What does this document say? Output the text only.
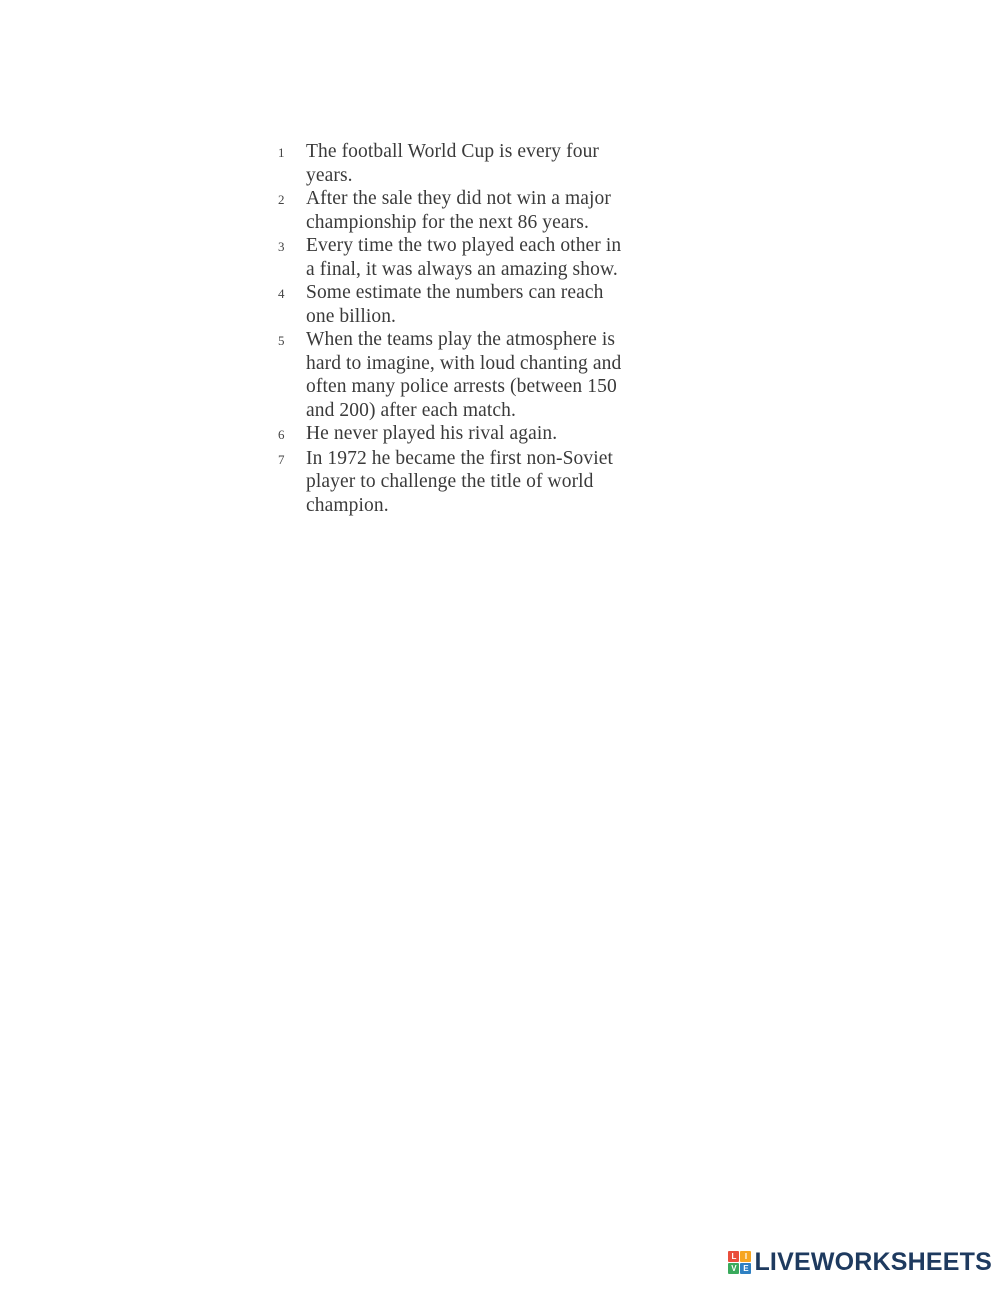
1	The football World Cup is every four
years.
2	After the sale they did not win a major
championship for the next 86 years.
3	Every time the two played each other in
a final, it was always an amazing show.
4	Some estimate the numbers can reach
one billion.
5	When the teams play the atmosphere is
hard to imagine, with loud chanting and
often many police arrests (between 150
and 200) after each match.
6	He never played his rival again.
7	In 1972 he became the first non-Soviet
player to challenge the title of world
champion.
L	I
V E LIVEWORKSHEETS
